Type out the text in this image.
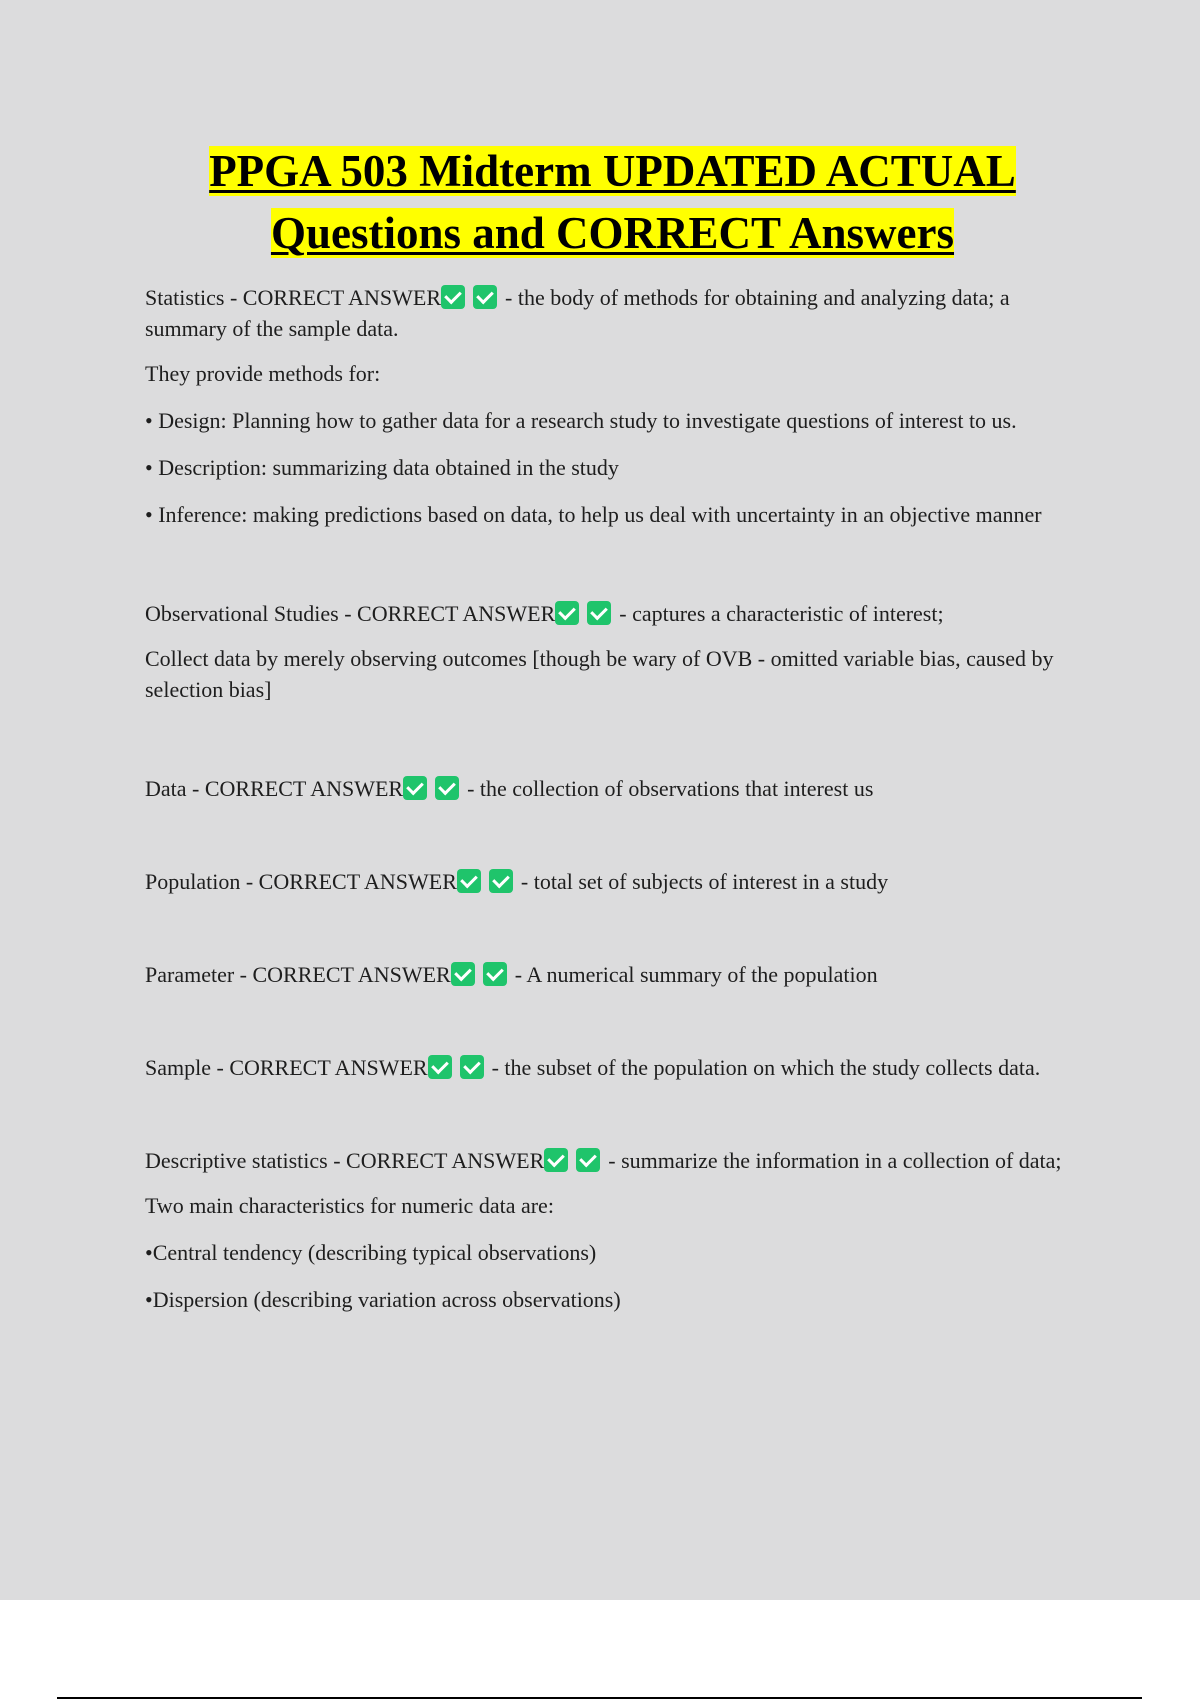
PPGA 503 Midterm UPDATED ACTUAL
Questions and CORRECT Answers

Statistics - CORRECT ANSWER	- the body of methods for obtaining and analyzing data; a summary of the sample data.

They provide methods for:

• Design: Planning how to gather data for a research study to investigate questions of interest to us.

• Description: summarizing data obtained in the study

• Inference: making predictions based on data, to help us deal with uncertainty in an objective manner

Observational Studies - CORRECT ANSWER	- captures a characteristic of interest;

Collect data by merely observing outcomes [though be wary of OVB - omitted variable bias, caused by selection bias]

Data - CORRECT ANSWER	- the collection of observations that interest us

Population - CORRECT ANSWER	- total set of subjects of interest in a study

Parameter - CORRECT ANSWER	- A numerical summary of the population

Sample - CORRECT ANSWER	- the subset of the population on which the study collects data.

Descriptive statistics - CORRECT ANSWER	- summarize the information in a collection of data;

Two main characteristics for numeric data are:

•Central tendency (describing typical observations)

•Dispersion (describing variation across observations)
